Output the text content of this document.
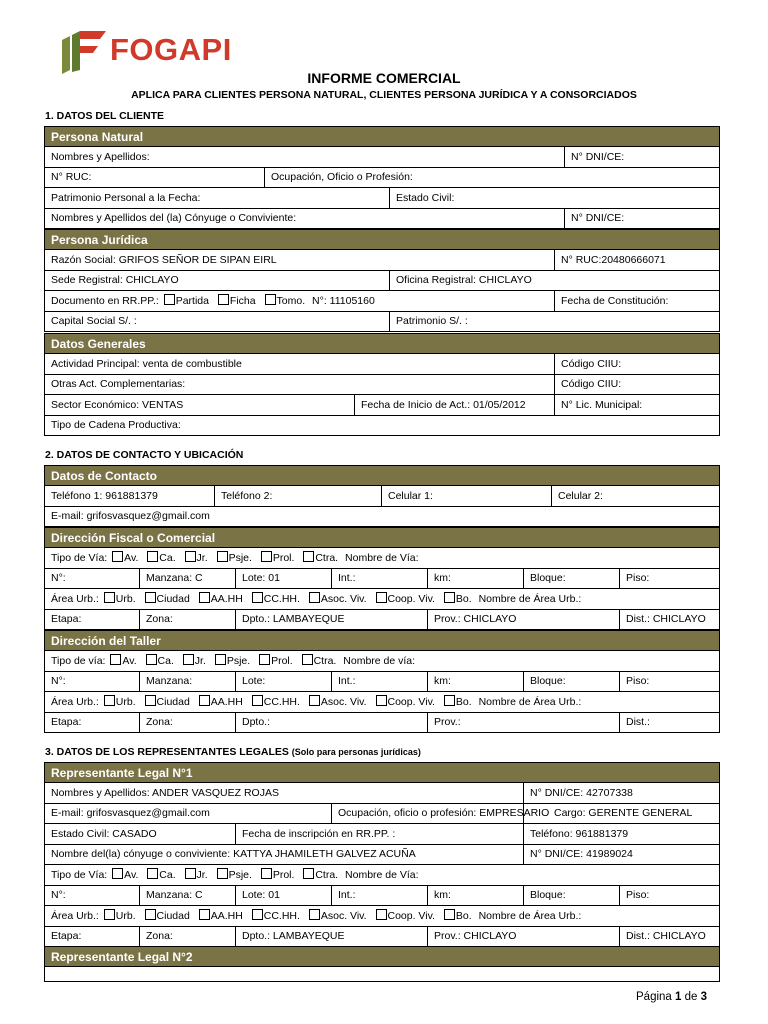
FOGAPI
INFORME COMERCIAL
APLICA PARA CLIENTES PERSONA NATURAL, CLIENTES PERSONA JURÍDICA Y A CONSORCIADOS
1. DATOS DEL CLIENTE
Persona Natural			
Nombres y Apellidos:			N° DNI/CE:
N° RUC:	Ocupación, Oficio o Profesión:		
Patrimonio Personal a la Fecha:		Estado Civil:	
Nombres y Apellidos del (la) Cónyuge o Conviviente:			N° DNI/CE:
Persona Jurídica		
Razón Social: GRIFOS SEÑOR DE SIPAN EIRL		N° RUC:20480666071
Sede Registral: CHICLAYO	Oficina Registral: CHICLAYO	
Documento en RR.PP.: Partida Ficha Tomo. N°: 11105160		Fecha de Constitución:
Capital Social S/. :	Patrimonio S/. :	
Datos Generales		
Actividad Principal: venta de combustible		Código CIIU:
Otras Act. Complementarias:		Código CIIU:
Sector Económico: VENTAS	Fecha de Inicio de Act.: 01/05/2012	N° Lic. Municipal:
Tipo de Cadena Productiva:		
2. DATOS DE CONTACTO Y UBICACIÓN
Datos de Contacto
Teléfono 1: 961881379	Teléfono 2:	Celular 1:	Celular 2:
E-mail: grifosvasquez@gmail.com
Dirección Fiscal o Comercial						
Tipo de Vía: Av. Ca. Jr. Psje. Prol. Ctra. Nombre de Vía:						
N°:	Manzana: C	Lote: 01	Int.:	km:	Bloque:	Piso:
Área Urb.: Urb. Ciudad AA.HH CC.HH. Asoc. Viv. Coop. Viv. Bo. Nombre de Área Urb.:						
Etapa:	Zona:	Dpto.: LAMBAYEQUE		Prov.: CHICLAYO		Dist.: CHICLAYO
Dirección del Taller						
Tipo de vía: Av. Ca. Jr. Psje. Prol. Ctra. Nombre de vía:						
N°:	Manzana:	Lote:	Int.:	km:	Bloque:	Piso:
Área Urb.: Urb. Ciudad AA.HH CC.HH. Asoc. Viv. Coop. Viv. Bo. Nombre de Área Urb.:						
Etapa:	Zona:	Dpto.:		Prov.:		Dist.:
3. DATOS DE LOS REPRESENTANTES LEGALES (Solo para personas jurídicas)
Representante Legal N°1						
Nombres y Apellidos: ANDER VASQUEZ ROJAS					N° DNI/CE: 42707338	
E-mail: grifosvasquez@gmail.com			Ocupación, oficio o profesión: EMPRESARIO		Cargo: GERENTE GENERAL	
Estado Civil: CASADO		Fecha de inscripción en RR.PP. :			Teléfono: 961881379	
Nombre del(la) cónyuge o conviviente: KATTYA JHAMILETH GALVEZ ACUÑA					N° DNI/CE: 41989024	
Tipo de Vía: Av. Ca. Jr. Psje. Prol. Ctra. Nombre de Vía:						
N°:	Manzana: C	Lote: 01	Int.:	km:	Bloque:	Piso:
Área Urb.: Urb. Ciudad AA.HH CC.HH. Asoc. Viv. Coop. Viv. Bo. Nombre de Área Urb.:						
Etapa:	Zona:	Dpto.: LAMBAYEQUE		Prov.: CHICLAYO		Dist.: CHICLAYO
Representante Legal N°2						

Página 1 de 3
